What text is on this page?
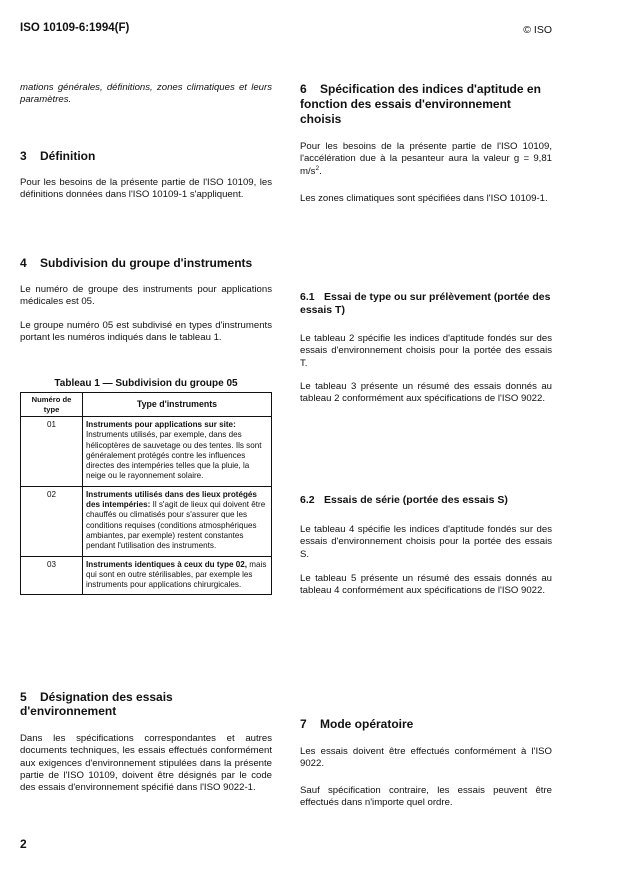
ISO 10109-6:1994(F)	© ISO

mations générales, définitions, zones climatiques et leurs paramètres.

3 Définition

Pour les besoins de la présente partie de l'ISO 10109, les définitions données dans l'ISO 10109-1 s'appliquent.

4 Subdivision du groupe d'instruments

Le numéro de groupe des instruments pour applications médicales est 05.

Le groupe numéro 05 est subdivisé en types d'instruments portant les numéros indiqués dans le tableau 1.

Tableau 1 — Subdivision du groupe 05
Numéro de type	Type d'instruments
01	Instruments pour applications sur site: Instruments utilisés, par exemple, dans des hélicoptères de sauvetage ou des tentes. Ils sont généralement protégés contre les influences directes des intempéries telles que la pluie, la neige ou le rayonnement solaire.
02	Instruments utilisés dans des lieux protégés des intempéries: Il s'agit de lieux qui doivent être chauffés ou climatisés pour s'assurer que les conditions requises (conditions atmosphériques ambiantes, par exemple) restent constantes pendant l'utilisation des instruments.
03	Instruments identiques à ceux du type 02, mais qui sont en outre stérilisables, par exemple les instruments pour applications chirurgicales.
5 Désignation des essais d'environnement

Dans les spécifications correspondantes et autres documents techniques, les essais effectués conformément aux exigences d'environnement stipulées dans la présente partie de l'ISO 10109, doivent être désignés par le code des essais d'environnement spécifié dans l'ISO 9022-1.

2
6 Spécification des indices d'aptitude en fonction des essais d'environnement choisis

Pour les besoins de la présente partie de l'ISO 10109, l'accélération due à la pesanteur aura la valeur g = 9,81 $m/s^2$.

Les zones climatiques sont spécifiées dans l'ISO 10109-1.

6.1 Essai de type ou sur prélèvement (portée des essais T)

Le tableau 2 spécifie les indices d'aptitude fondés sur des essais d'environnement choisis pour la portée des essais T.

Le tableau 3 présente un résumé des essais donnés au tableau 2 conformément aux spécifications de l'ISO 9022.

6.2 Essais de série (portée des essais S)

Le tableau 4 spécifie les indices d'aptitude fondés sur des essais d'environnement choisis pour la portée des essais S.

Le tableau 5 présente un résumé des essais donnés au tableau 4 conformément aux spécifications de l'ISO 9022.

7 Mode opératoire

Les essais doivent être effectués conformément à l'ISO 9022.

Sauf spécification contraire, les essais peuvent être effectués dans n'importe quel ordre.
